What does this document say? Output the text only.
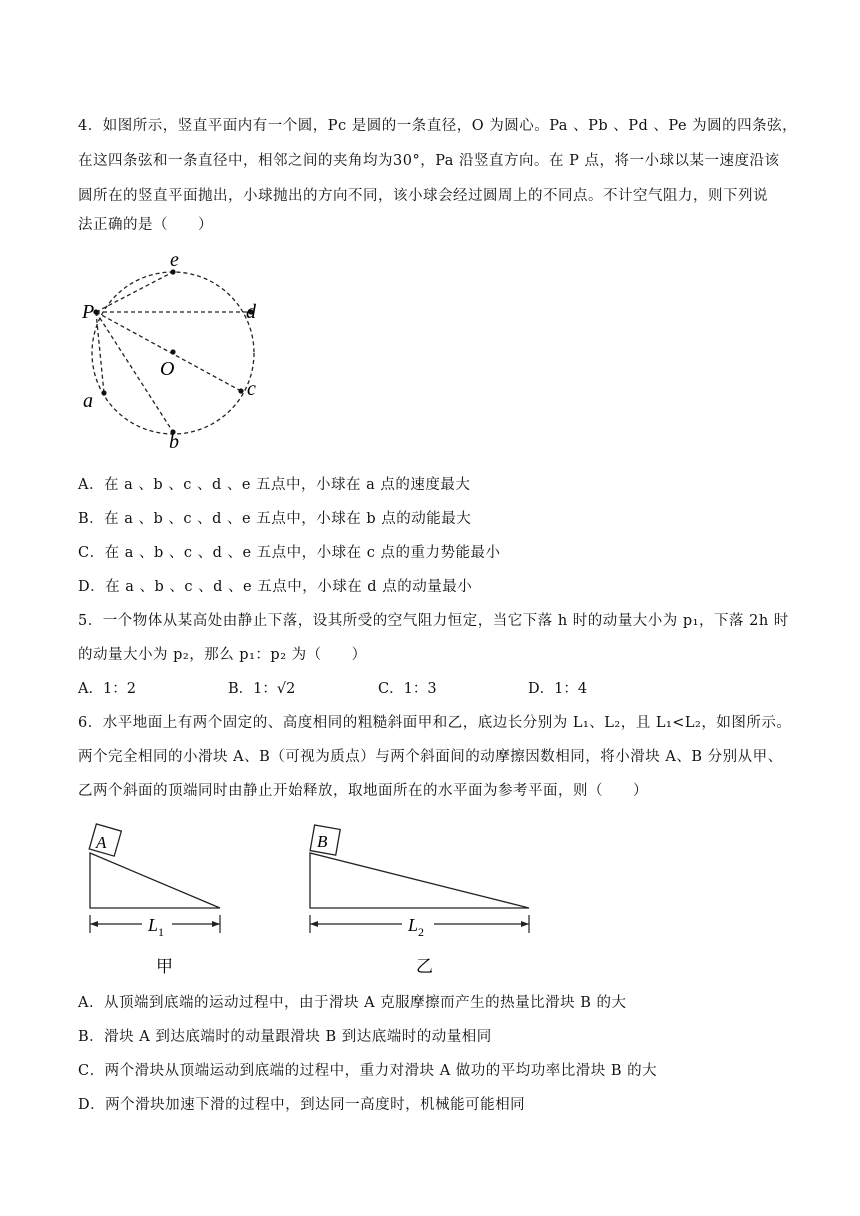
4．如图所示，竖直平面内有一个圆，Pc 是圆的一条直径，O 为圆心。Pa 、Pb 、Pd 、Pe 为圆的四条弦，
在这四条弦和一条直径中，相邻之间的夹角均为30°，Pa 沿竖直方向。在 P 点，将一小球以某一速度沿该
圆所在的竖直平面抛出，小球抛出的方向不同，该小球会经过圆周上的不同点。不计空气阻力，则下列说
法正确的是（　　）
e
P	d
O
c
a
b
A．在 a 、b 、c 、d 、e 五点中，小球在 a 点的速度最大
B．在 a 、b 、c 、d 、e 五点中，小球在 b 点的动能最大
C．在 a 、b 、c 、d 、e 五点中，小球在 c 点的重力势能最小
D．在 a 、b 、c 、d 、e 五点中，小球在 d 点的动量最小
5．一个物体从某高处由静止下落，设其所受的空气阻力恒定，当它下落 h 时的动量大小为 p₁，下落 2h 时
的动量大小为 p₂，那么 p₁：p₂ 为（　　）
A．1：2	B．1：√2	C．1：3	D．1：4
6．水平地面上有两个固定的、高度相同的粗糙斜面甲和乙，底边长分别为 L₁、L₂，且 L₁<L₂，如图所示。
两个完全相同的小滑块 A、B（可视为质点）与两个斜面间的动摩擦因数相同，将小滑块 A、B 分别从甲、
乙两个斜面的顶端同时由静止开始释放，取地面所在的水平面为参考平面，则（　　）
A
$L_1$
甲
B
$L_2$
乙
A．从顶端到底端的运动过程中，由于滑块 A 克服摩擦而产生的热量比滑块 B 的大
B．滑块 A 到达底端时的动量跟滑块 B 到达底端时的动量相同
C．两个滑块从顶端运动到底端的过程中，重力对滑块 A 做功的平均功率比滑块 B 的大
D．两个滑块加速下滑的过程中，到达同一高度时，机械能可能相同
